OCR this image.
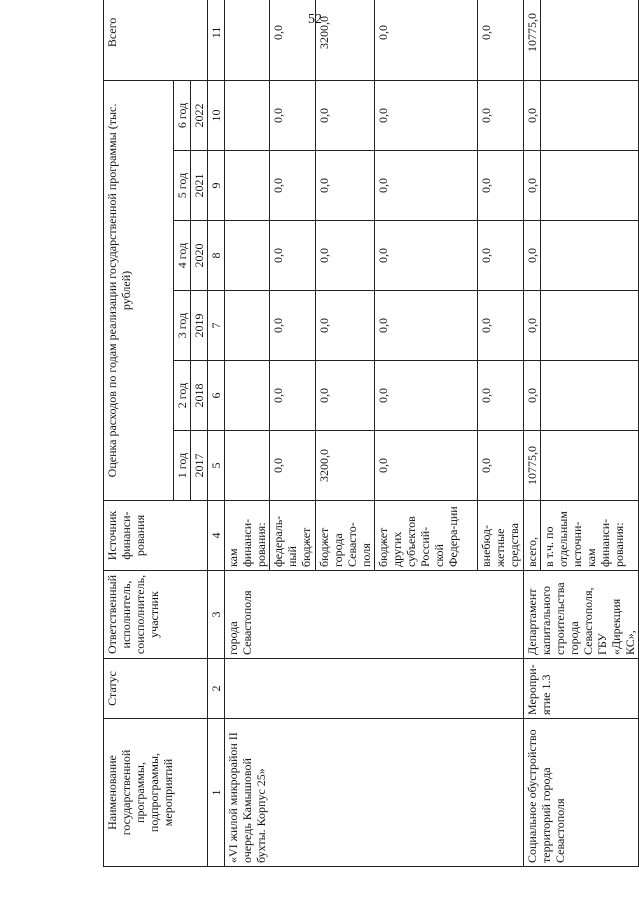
52
Наименование государственной программы, подпрограммы, мероприятий	Статус	Ответственный исполнитель, соисполнитель, участник	Источник финанси-рования	Оценка расходов по годам реализации государственной программы (тыс. рублей)						Всего
				1 год	2 год	3 год	4 год	5 год	6 год	
				2017	2018	2019	2020	2021	2022	
1	2	3	4	5	6	7	8	9	10	11
«VI жилой микрорайон II очередь Камышовой бухты. Корпус 25»		города Севастополя	кам финанси-рования:							
			федераль-ный бюджет	0,0	0,0	0,0	0,0	0,0	0,0	0,0
			бюджет города Севасто-поля	3200,0	0,0	0,0	0,0	0,0	0,0	3200,0
			бюджет других субъектов Россий-ской Федера-ции	0,0	0,0	0,0	0,0	0,0	0,0	0,0
			внебюд-жетные средства	0,0	0,0	0,0	0,0	0,0	0,0	0,0
Социальное обустройство территорий города Севастополя	Меропри-ятие 1.3	Департамент капитального строительства города Севастополя, ГБУ «Дирекция КС»,	всего,	10775,0	0,0	0,0	0,0	0,0	0,0	10775,0
			в т.ч. по отдельным источни-кам финанси-рования:							
